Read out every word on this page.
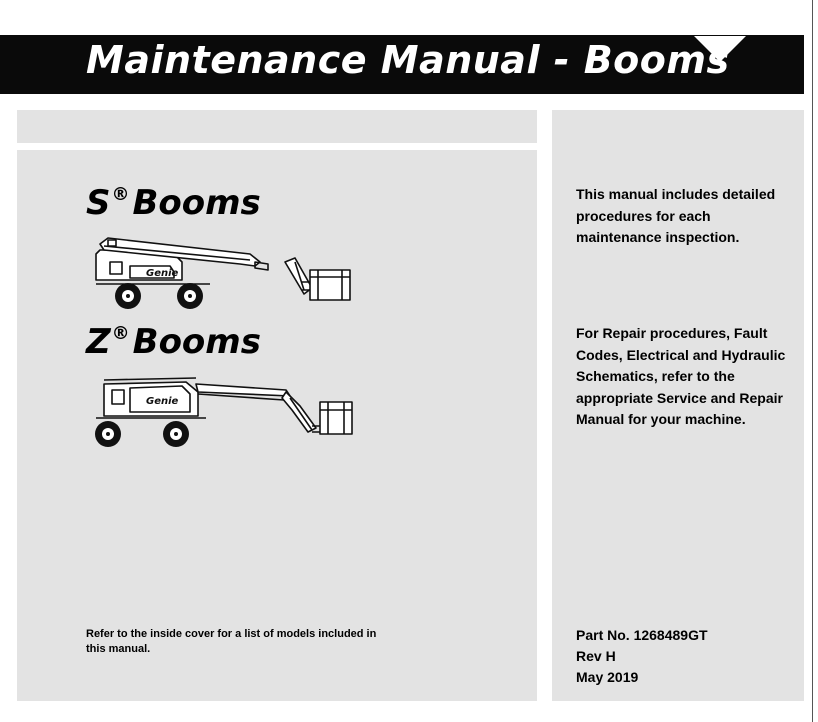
Maintenance Manual - Booms
S®Booms
Genie
Z®Booms
Genie
Refer to the inside cover for a list of models included in this manual.
This manual includes detailed procedures for each maintenance inspection.
For Repair procedures, Fault Codes, Electrical and Hydraulic Schematics, refer to the appropriate Service and Repair Manual for your machine.
Part No. 1268489GT
Rev H
May 2019
